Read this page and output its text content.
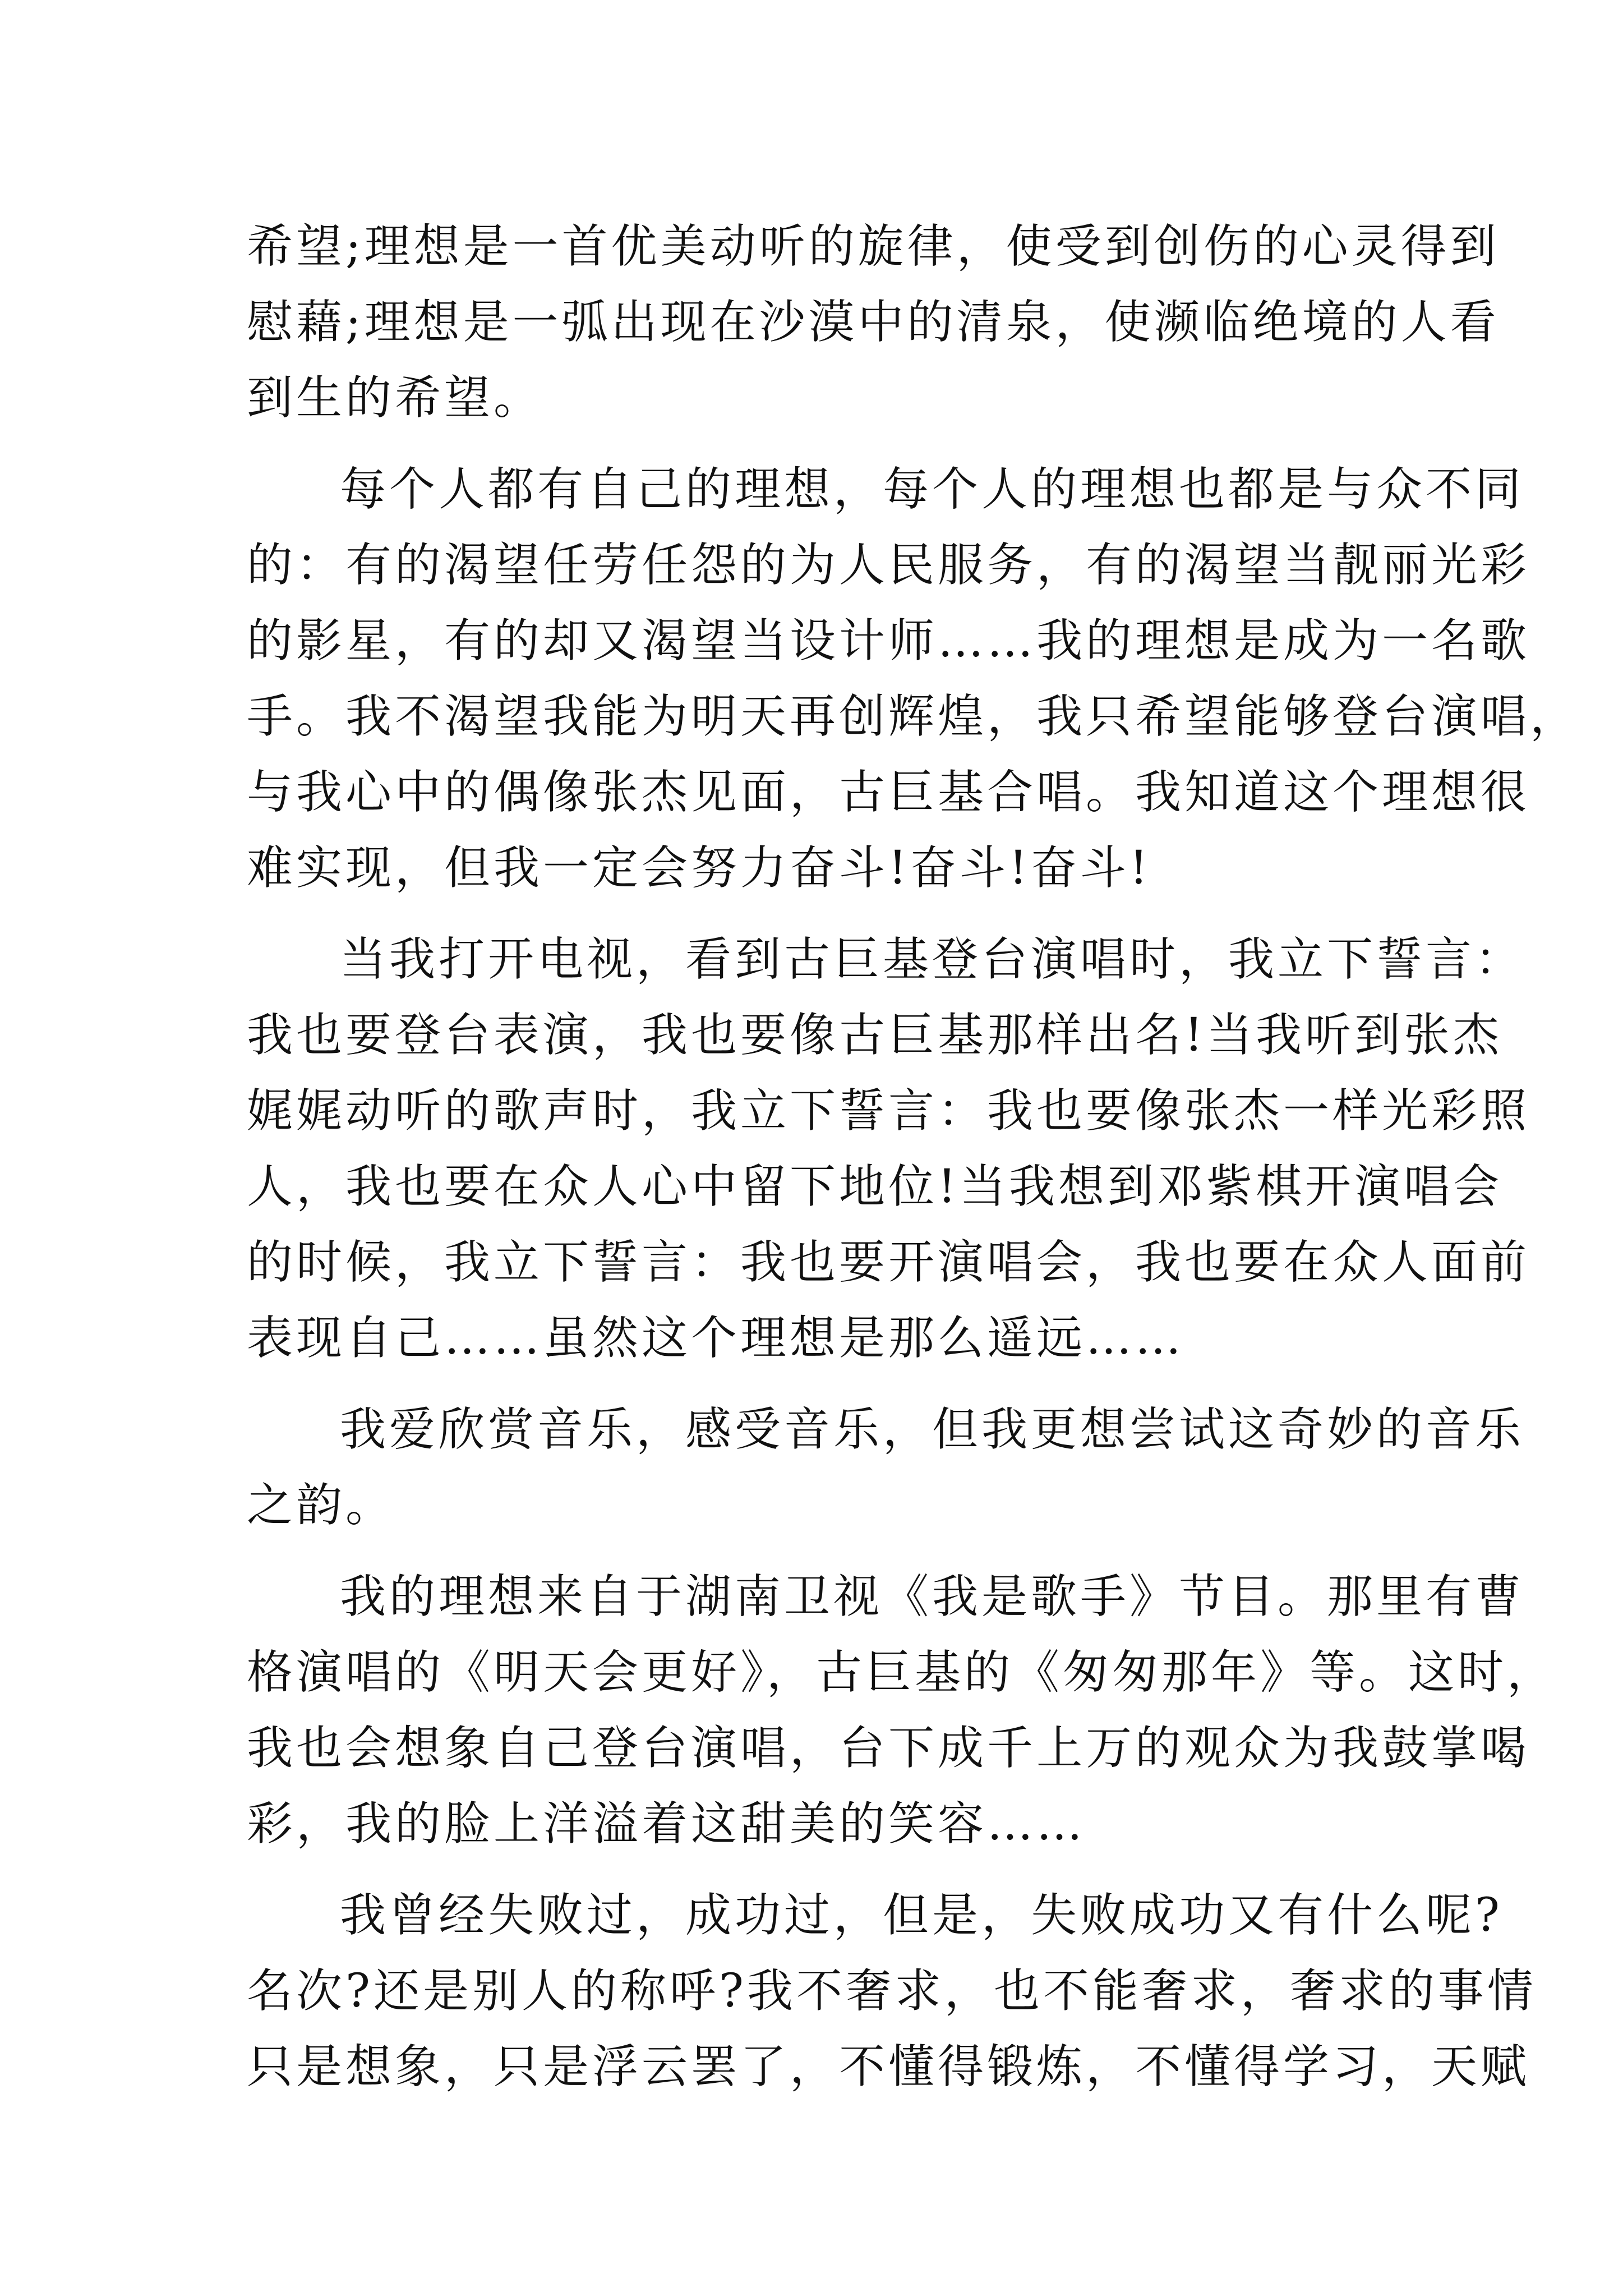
希望;理想是一首优美动听的旋律，使受到创伤的心灵得到
慰藉;理想是一弧出现在沙漠中的清泉，使濒临绝境的人看
到生的希望。
每个人都有自己的理想，每个人的理想也都是与众不同
的：有的渴望任劳任怨的为人民服务，有的渴望当靓丽光彩
的影星，有的却又渴望当设计师……我的理想是成为一名歌
手。我不渴望我能为明天再创辉煌，我只希望能够登台演唱，
与我心中的偶像张杰见面，古巨基合唱。我知道这个理想很
难实现，但我一定会努力奋斗!奋斗!奋斗!
当我打开电视，看到古巨基登台演唱时，我立下誓言：
我也要登台表演，我也要像古巨基那样出名!当我听到张杰
娓娓动听的歌声时，我立下誓言：我也要像张杰一样光彩照
人，我也要在众人心中留下地位!当我想到邓紫棋开演唱会
的时候，我立下誓言：我也要开演唱会，我也要在众人面前
表现自己……虽然这个理想是那么遥远……
我爱欣赏音乐，感受音乐，但我更想尝试这奇妙的音乐
之韵。
我的理想来自于湖南卫视《我是歌手》节目。那里有曹
格演唱的《明天会更好》，古巨基的《匆匆那年》等。这时，
我也会想象自己登台演唱，台下成千上万的观众为我鼓掌喝
彩，我的脸上洋溢着这甜美的笑容……
我曾经失败过，成功过，但是，失败成功又有什么呢?
名次?还是别人的称呼?我不奢求，也不能奢求，奢求的事情
只是想象，只是浮云罢了，不懂得锻炼，不懂得学习，天赋
